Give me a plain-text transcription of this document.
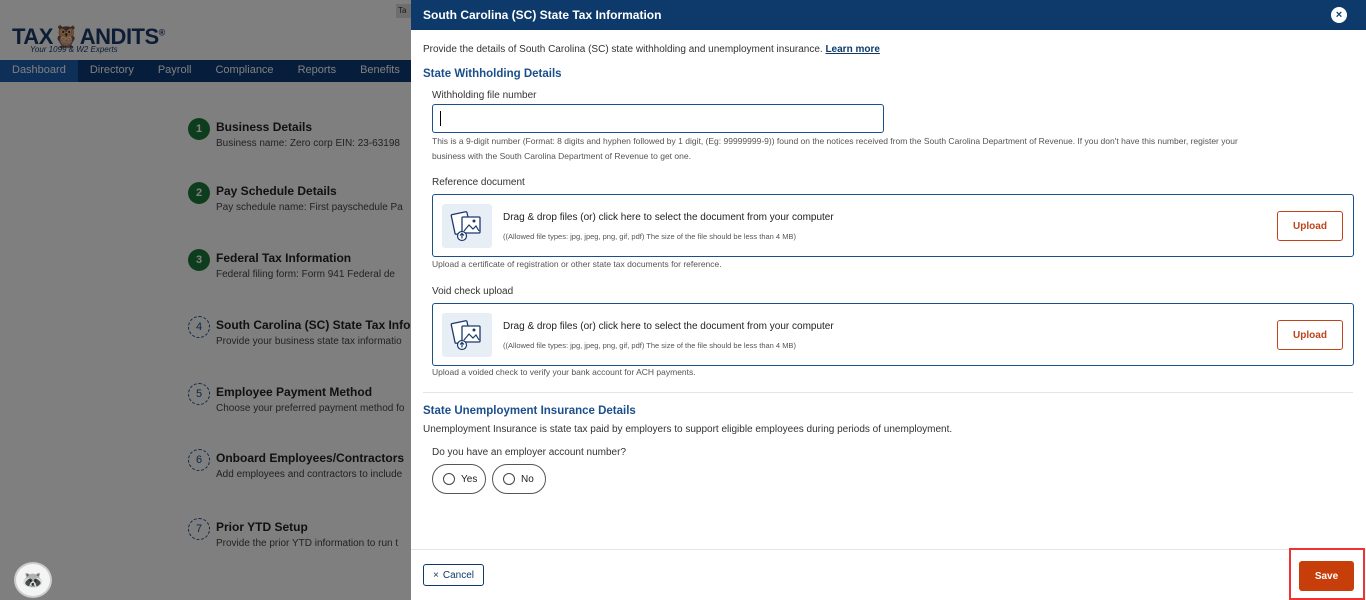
🦝
South Carolina (SC) State Tax Information	×
Provide the details of South Carolina (SC) state withholding and unemployment insurance. Learn more
State Withholding Details
Withholding file number
This is a 9-digit number (Format: 8 digits and hyphen followed by 1 digit, (Eg: 99999999-9)) found on the notices received from the South Carolina Department of Revenue. If you don't have this number, register your
business with the South Carolina Department of Revenue to get one.
Reference document
Drag & drop files (or) click here to select the document from your computer
((Allowed file types: jpg, jpeg, png, gif, pdf) The size of the file should be less than 4 MB)
Upload
Upload a certificate of registration or other state tax documents for reference.
Void check upload
Drag & drop files (or) click here to select the document from your computer
((Allowed file types: jpg, jpeg, png, gif, pdf) The size of the file should be less than 4 MB)
Upload
Upload a voided check to verify your bank account for ACH payments.
State Unemployment Insurance Details
Unemployment Insurance is state tax paid by employers to support eligible employees during periods of unemployment.
Do you have an employer account number?
Yes	No
× Cancel	Save
